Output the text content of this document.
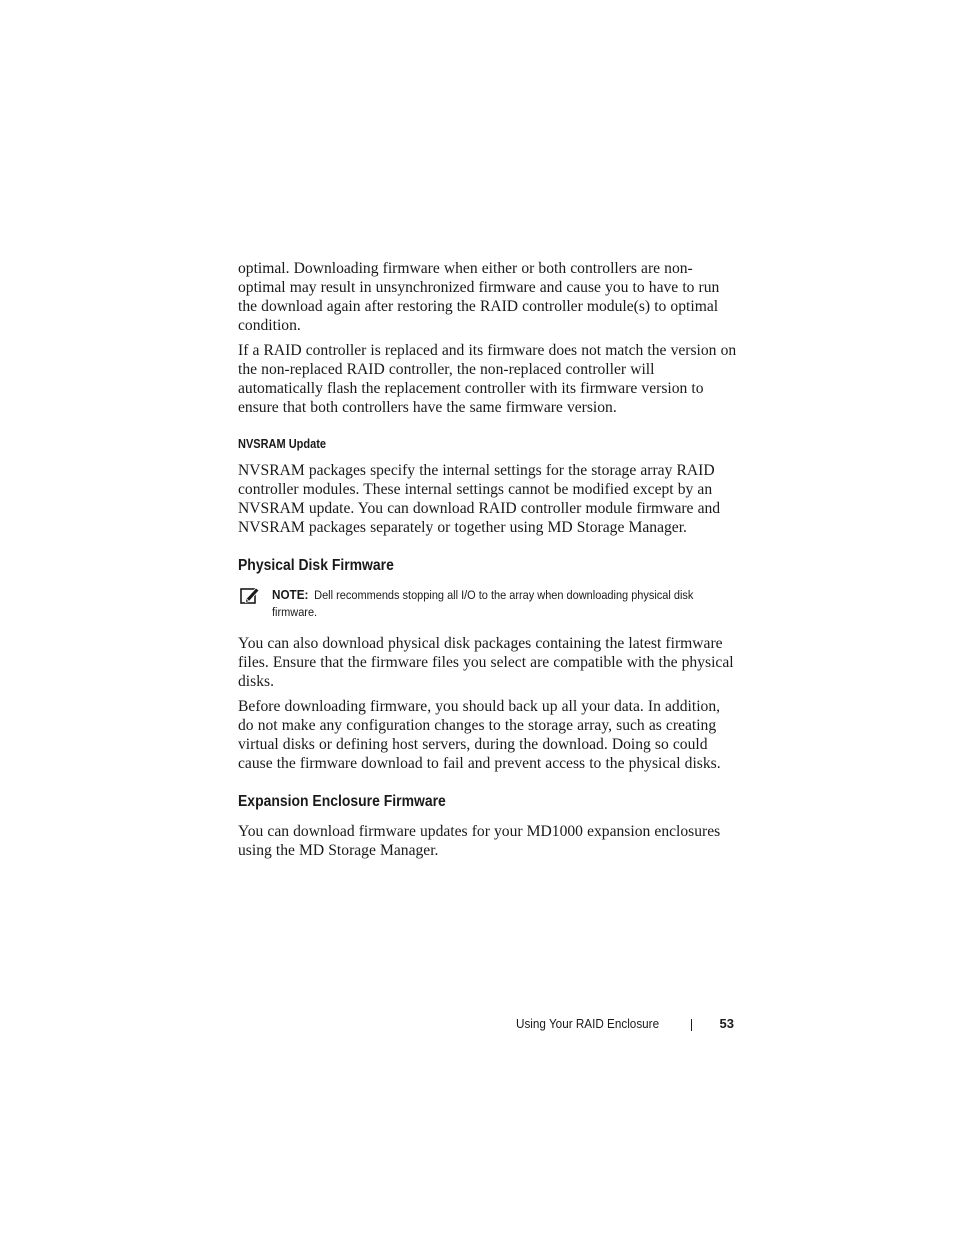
optimal. Downloading firmware when either or both controllers are non-optimal may result in unsynchronized firmware and cause you to have to run the download again after restoring the RAID controller module(s) to optimal condition.

If a RAID controller is replaced and its firmware does not match the version on the non-replaced RAID controller, the non-replaced controller will automatically flash the replacement controller with its firmware version to ensure that both controllers have the same firmware version.

NVSRAM Update

NVSRAM packages specify the internal settings for the storage array RAID controller modules. These internal settings cannot be modified except by an NVSRAM update. You can download RAID controller module firmware and NVSRAM packages separately or together using MD Storage Manager.

Physical Disk Firmware
NOTE: Dell recommends stopping all I/O to the array when downloading physical disk firmware.

You can also download physical disk packages containing the latest firmware files. Ensure that the firmware files you select are compatible with the physical disks.

Before downloading firmware, you should back up all your data. In addition, do not make any configuration changes to the storage array, such as creating virtual disks or defining host servers, during the download. Doing so could cause the firmware download to fail and prevent access to the physical disks.

Expansion Enclosure Firmware

You can download firmware updates for your MD1000 expansion enclosures using the MD Storage Manager.

Using Your RAID Enclosure	53
